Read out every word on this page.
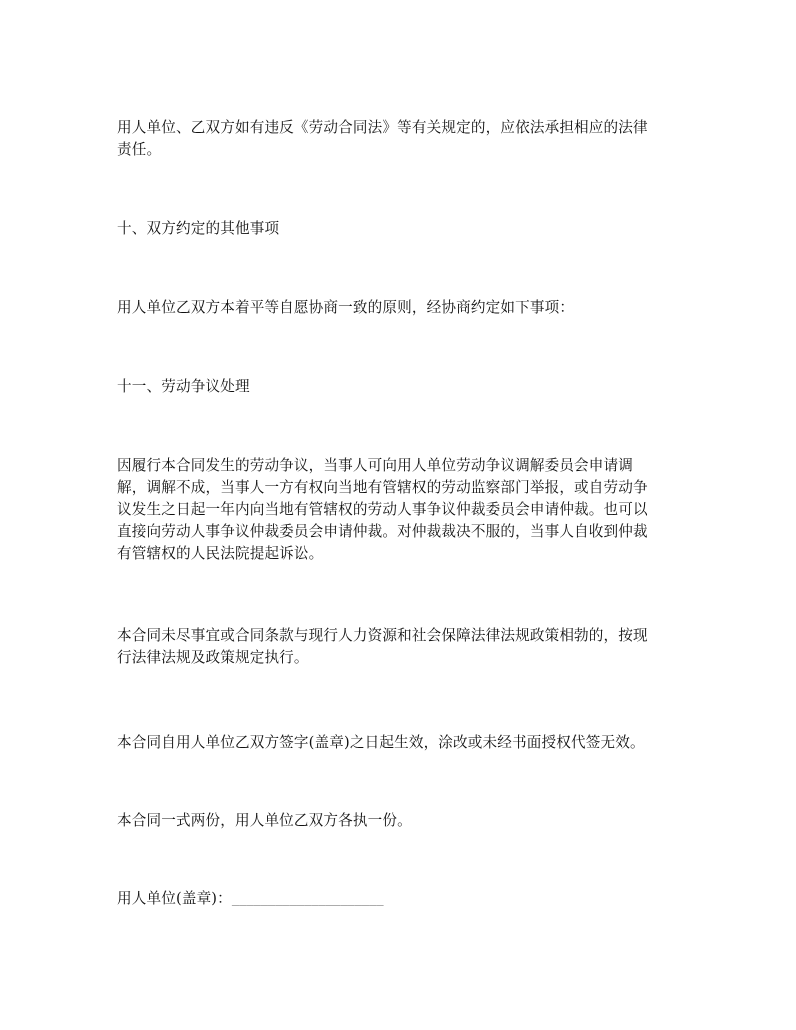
用人单位、乙双方如有违反《劳动合同法》等有关规定的，应依法承担相应的法律
责任。
十、双方约定的其他事项
用人单位乙双方本着平等自愿协商一致的原则，经协商约定如下事项：
十一、劳动争议处理
因履行本合同发生的劳动争议，当事人可向用人单位劳动争议调解委员会申请调
解，调解不成，当事人一方有权向当地有管辖权的劳动监察部门举报，或自劳动争
议发生之日起一年内向当地有管辖权的劳动人事争议仲裁委员会申请仲裁。也可以
直接向劳动人事争议仲裁委员会申请仲裁。对仲裁裁决不服的，当事人自收到仲裁
有管辖权的人民法院提起诉讼。
本合同未尽事宜或合同条款与现行人力资源和社会保障法律法规政策相勃的，按现
行法律法规及政策规定执行。
本合同自用人单位乙双方签字(盖章)之日起生效，涂改或未经书面授权代签无效。
本合同一式两份，用人单位乙双方各执一份。
用人单位(盖章)：_____________________
